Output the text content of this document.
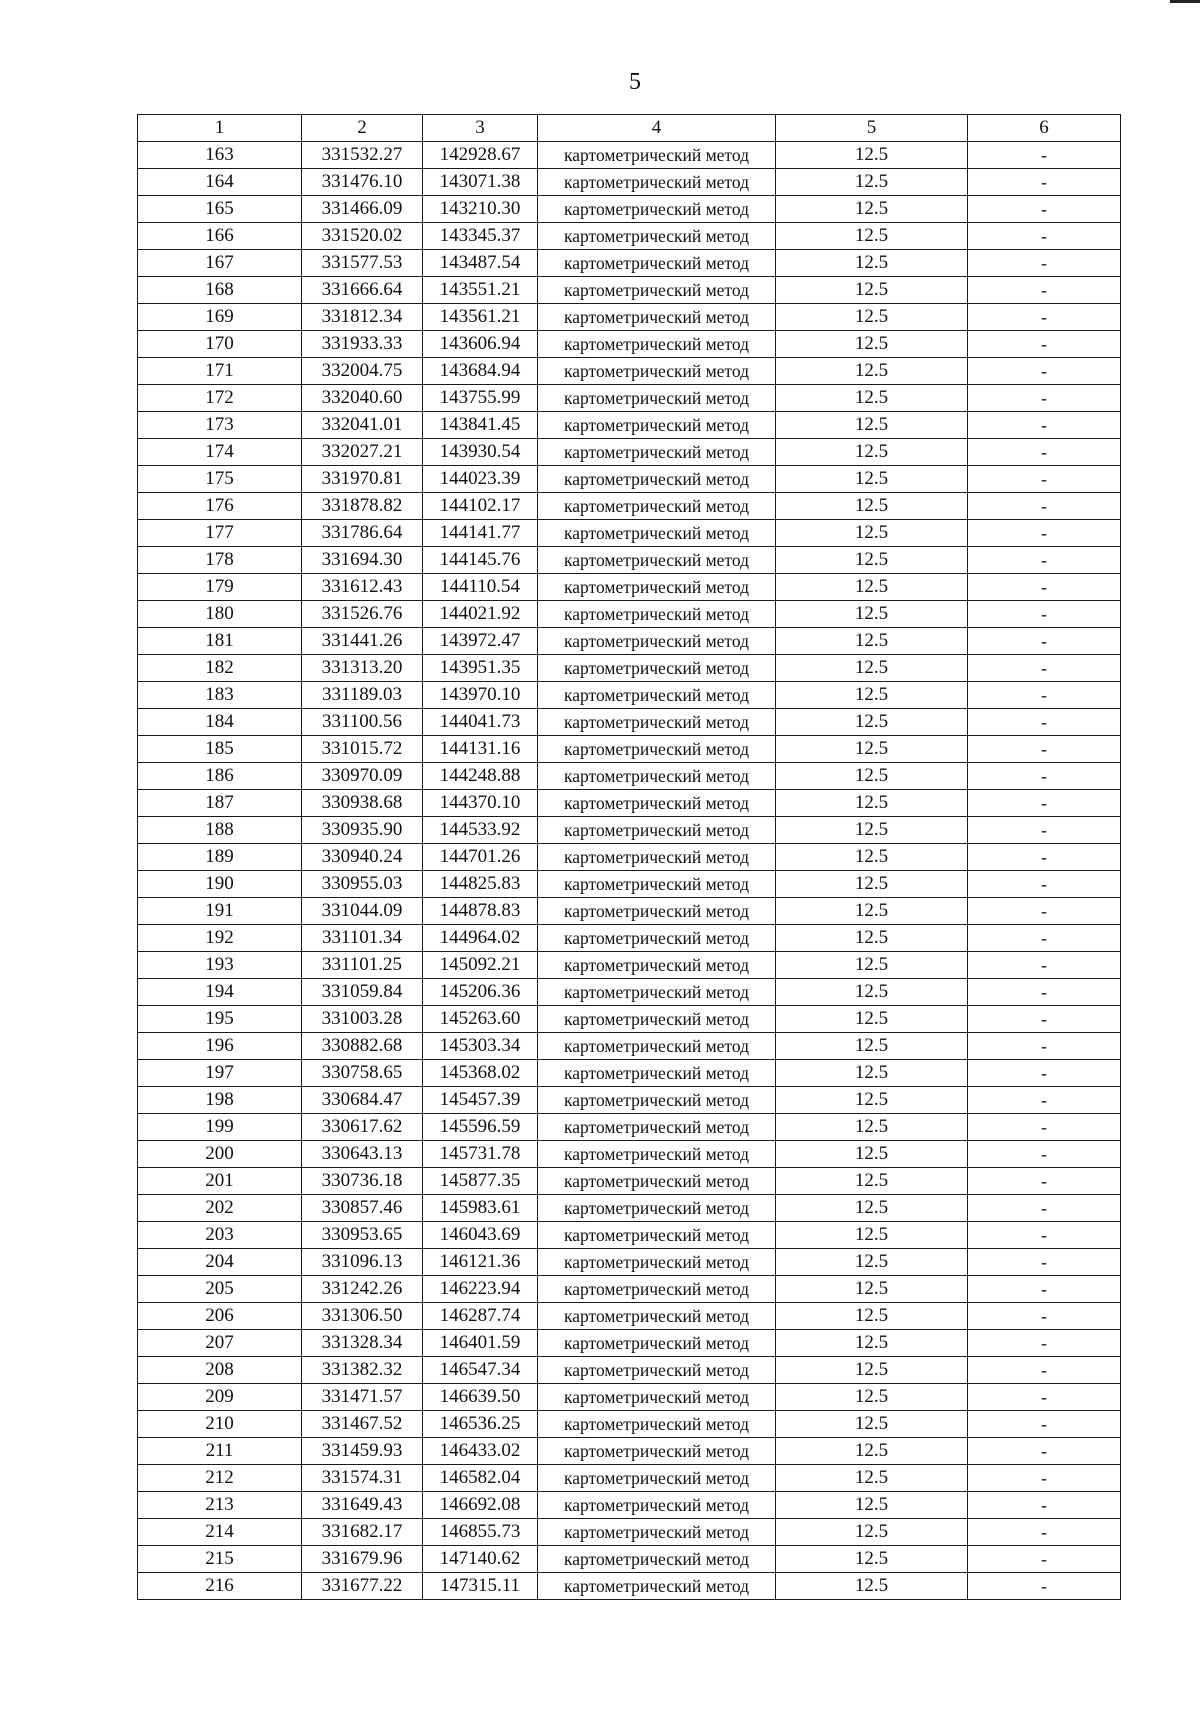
5
1	2	3	4	5	6
163	331532.27	142928.67	картометрический метод	12.5	-
164	331476.10	143071.38	картометрический метод	12.5	-
165	331466.09	143210.30	картометрический метод	12.5	-
166	331520.02	143345.37	картометрический метод	12.5	-
167	331577.53	143487.54	картометрический метод	12.5	-
168	331666.64	143551.21	картометрический метод	12.5	-
169	331812.34	143561.21	картометрический метод	12.5	-
170	331933.33	143606.94	картометрический метод	12.5	-
171	332004.75	143684.94	картометрический метод	12.5	-
172	332040.60	143755.99	картометрический метод	12.5	-
173	332041.01	143841.45	картометрический метод	12.5	-
174	332027.21	143930.54	картометрический метод	12.5	-
175	331970.81	144023.39	картометрический метод	12.5	-
176	331878.82	144102.17	картометрический метод	12.5	-
177	331786.64	144141.77	картометрический метод	12.5	-
178	331694.30	144145.76	картометрический метод	12.5	-
179	331612.43	144110.54	картометрический метод	12.5	-
180	331526.76	144021.92	картометрический метод	12.5	-
181	331441.26	143972.47	картометрический метод	12.5	-
182	331313.20	143951.35	картометрический метод	12.5	-
183	331189.03	143970.10	картометрический метод	12.5	-
184	331100.56	144041.73	картометрический метод	12.5	-
185	331015.72	144131.16	картометрический метод	12.5	-
186	330970.09	144248.88	картометрический метод	12.5	-
187	330938.68	144370.10	картометрический метод	12.5	-
188	330935.90	144533.92	картометрический метод	12.5	-
189	330940.24	144701.26	картометрический метод	12.5	-
190	330955.03	144825.83	картометрический метод	12.5	-
191	331044.09	144878.83	картометрический метод	12.5	-
192	331101.34	144964.02	картометрический метод	12.5	-
193	331101.25	145092.21	картометрический метод	12.5	-
194	331059.84	145206.36	картометрический метод	12.5	-
195	331003.28	145263.60	картометрический метод	12.5	-
196	330882.68	145303.34	картометрический метод	12.5	-
197	330758.65	145368.02	картометрический метод	12.5	-
198	330684.47	145457.39	картометрический метод	12.5	-
199	330617.62	145596.59	картометрический метод	12.5	-
200	330643.13	145731.78	картометрический метод	12.5	-
201	330736.18	145877.35	картометрический метод	12.5	-
202	330857.46	145983.61	картометрический метод	12.5	-
203	330953.65	146043.69	картометрический метод	12.5	-
204	331096.13	146121.36	картометрический метод	12.5	-
205	331242.26	146223.94	картометрический метод	12.5	-
206	331306.50	146287.74	картометрический метод	12.5	-
207	331328.34	146401.59	картометрический метод	12.5	-
208	331382.32	146547.34	картометрический метод	12.5	-
209	331471.57	146639.50	картометрический метод	12.5	-
210	331467.52	146536.25	картометрический метод	12.5	-
211	331459.93	146433.02	картометрический метод	12.5	-
212	331574.31	146582.04	картометрический метод	12.5	-
213	331649.43	146692.08	картометрический метод	12.5	-
214	331682.17	146855.73	картометрический метод	12.5	-
215	331679.96	147140.62	картометрический метод	12.5	-
216	331677.22	147315.11	картометрический метод	12.5	-
